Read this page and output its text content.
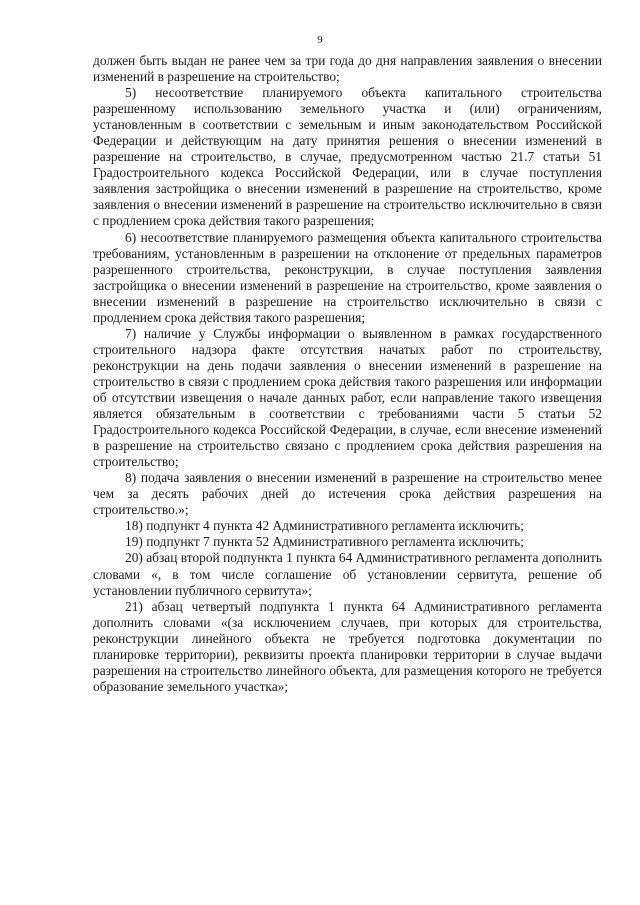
9

должен быть выдан не ранее чем за три года до дня направления заявления о внесении изменений в разрешение на строительство;

5) несоответствие планируемого объекта капитального строительства разрешенному использованию земельного участка и (или) ограничениям, установленным в соответствии с земельным и иным законодательством Российской Федерации и действующим на дату принятия решения о внесении изменений в разрешение на строительство, в случае, предусмотренном частью 21.7 статьи 51 Градостроительного кодекса Российской Федерации, или в случае поступления заявления застройщика о внесении изменений в разрешение на строительство, кроме заявления о внесении изменений в разрешение на строительство исключительно в связи с продлением срока действия такого разрешения;

6) несоответствие планируемого размещения объекта капитального строительства требованиям, установленным в разрешении на отклонение от предельных параметров разрешенного строительства, реконструкции, в случае поступления заявления застройщика о внесении изменений в разрешение на строительство, кроме заявления о внесении изменений в разрешение на строительство исключительно в связи с продлением срока действия такого разрешения;

7) наличие у Службы информации о выявленном в рамках государственного строительного надзора факте отсутствия начатых работ по строительству, реконструкции на день подачи заявления о внесении изменений в разрешение на строительство в связи с продлением срока действия такого разрешения или информации об отсутствии извещения о начале данных работ, если направление такого извещения является обязательным в соответствии с требованиями части 5 статьи 52 Градостроительного кодекса Российской Федерации, в случае, если внесение изменений в разрешение на строительство связано с продлением срока действия разрешения на строительство;

8) подача заявления о внесении изменений в разрешение на строительство менее чем за десять рабочих дней до истечения срока действия разрешения на строительство.»;

18) подпункт 4 пункта 42 Административного регламента исключить;

19) подпункт 7 пункта 52 Административного регламента исключить;

20) абзац второй подпункта 1 пункта 64 Административного регламента дополнить словами «, в том числе соглашение об установлении сервитута, решение об установлении публичного сервитута»;

21) абзац четвертый подпункта 1 пункта 64 Административного регламента дополнить словами «(за исключением случаев, при которых для строительства, реконструкции линейного объекта не требуется подготовка документации по планировке территории), реквизиты проекта планировки территории в случае выдачи разрешения на строительство линейного объекта, для размещения которого не требуется образование земельного участка»;
